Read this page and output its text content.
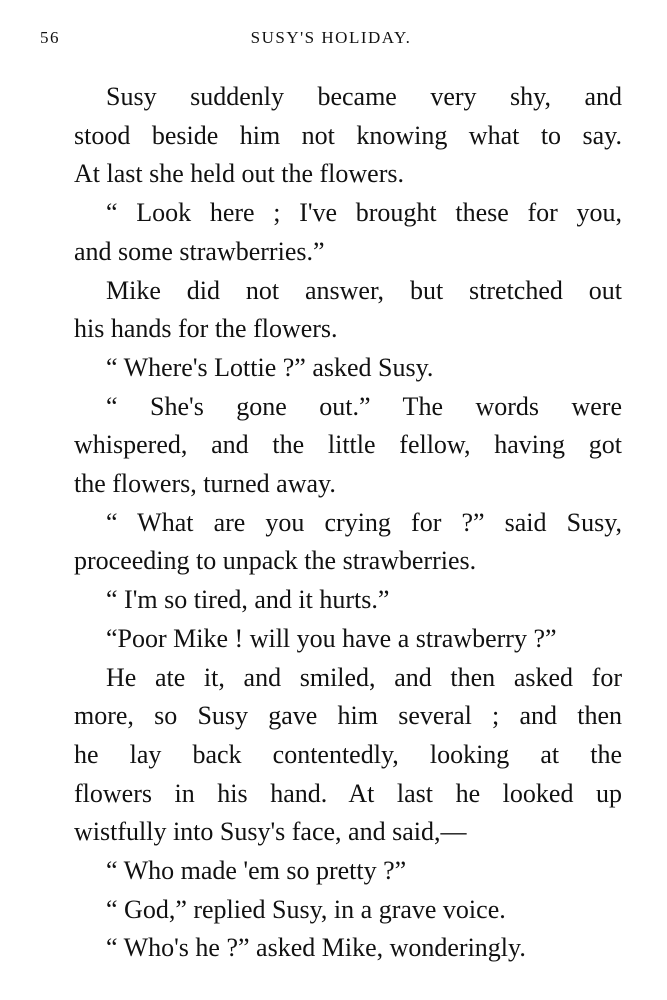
56	SUSY'S HOLIDAY.
Susy suddenly became very shy, and
stood beside him not knowing what to say.
At last she held out the flowers.
“ Look here ; I've brought these for you,
and some strawberries.”
Mike did not answer, but stretched out
his hands for the flowers.
“ Where's Lottie ?” asked Susy.
“ She's gone out.” The words were
whispered, and the little fellow, having got
the flowers, turned away.
“ What are you crying for ?” said Susy,
proceeding to unpack the strawberries.
“ I'm so tired, and it hurts.”
“Poor Mike ! will you have a strawberry ?”
He ate it, and smiled, and then asked for
more, so Susy gave him several ; and then
he lay back contentedly, looking at the
flowers in his hand. At last he looked up
wistfully into Susy's face, and said,—
“ Who made 'em so pretty ?”
“ God,” replied Susy, in a grave voice.
“ Who's he ?” asked Mike, wonderingly.
